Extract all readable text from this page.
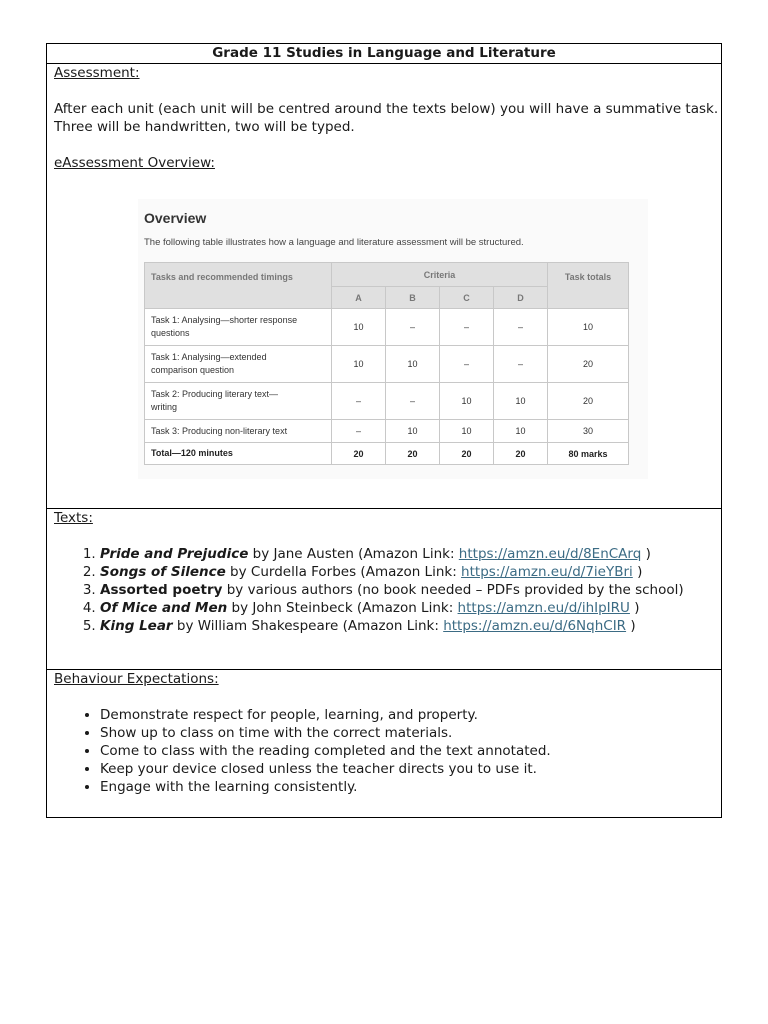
Grade 11 Studies in Language and Literature
Assessment:
After each unit (each unit will be centred around the texts below) you will have a summative task.
Three will be handwritten, two will be typed.
eAssessment Overview:
Overview
The following table illustrates how a language and literature assessment will be structured.
Tasks and recommended timings	Criteria				Task totals
	A	B	C	D	
Task 1: Analysing—shorter response
questions	10	–	–	–	10
Task 1: Analysing—extended
comparison question	10	10	–	–	20
Task 2: Producing literary text—
writing	–	–	10	10	20
Task 3: Producing non-literary text	–	10	10	10	30
Total—120 minutes	20	20	20	20	80 marks
Texts:
1. Pride and Prejudice by Jane Austen (Amazon Link: https://amzn.eu/d/8EnCArq )
2. Songs of Silence by Curdella Forbes (Amazon Link: https://amzn.eu/d/7ieYBri )
3. Assorted poetry by various authors (no book needed – PDFs provided by the school)
4. Of Mice and Men by John Steinbeck (Amazon Link: https://amzn.eu/d/ihIpIRU )
5. King Lear by William Shakespeare (Amazon Link: https://amzn.eu/d/6NqhCIR )
Behaviour Expectations:
• Demonstrate respect for people, learning, and property.
• Show up to class on time with the correct materials.
• Come to class with the reading completed and the text annotated.
• Keep your device closed unless the teacher directs you to use it.
• Engage with the learning consistently.
